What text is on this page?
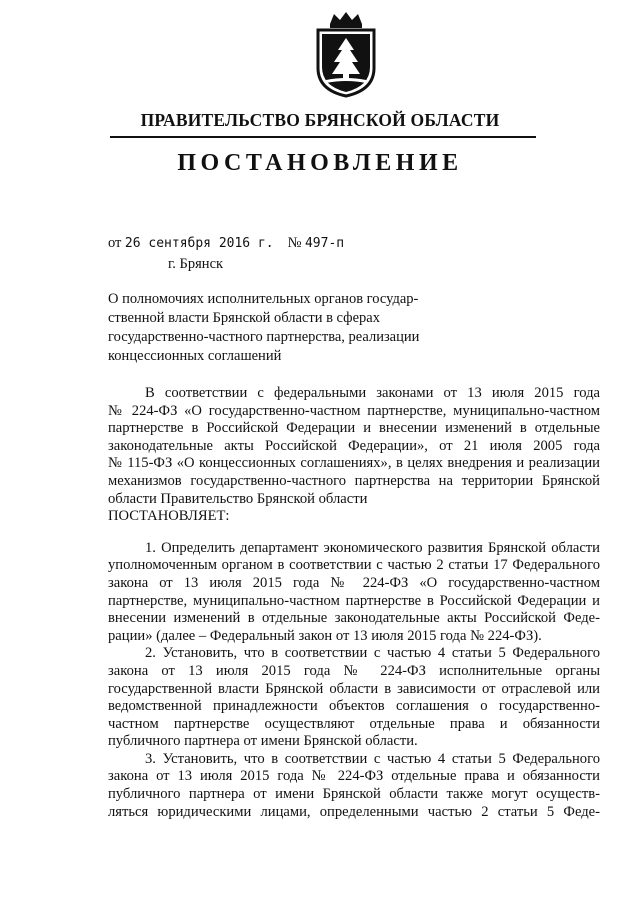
ПРАВИТЕЛЬСТВО БРЯНСКОЙ ОБЛАСТИ
ПОСТАНОВЛЕНИЕ
от 26 сентября 2016 г. № 497-п
г. Брянск
О полномочиях исполнительных органов государ-
ственной власти Брянской области в сферах
государственно-частного партнерства, реализации
концессионных соглашений
В соответствии с федеральными законами от 13 июля 2015 года
№ 224-ФЗ «О государственно-частном партнерстве, муниципально-частном
партнерстве в Российской Федерации и внесении изменений в отдельные
законодательные акты Российской Федерации», от 21 июля 2005 года
№ 115-ФЗ «О концессионных соглашениях», в целях внедрения и реализации
механизмов государственно-частного партнерства на территории Брянской
области Правительство Брянской области
ПОСТАНОВЛЯЕТ:
1. Определить департамент экономического развития Брянской области
уполномоченным органом в соответствии с частью 2 статьи 17 Федерального
закона от 13 июля 2015 года № 224-ФЗ «О государственно-частном
партнерстве, муниципально-частном партнерстве в Российской Федерации и
внесении изменений в отдельные законодательные акты Российской Феде-
рации» (далее – Федеральный закон от 13 июля 2015 года № 224-ФЗ).
2. Установить, что в соответствии с частью 4 статьи 5 Федерального
закона от 13 июля 2015 года № 224-ФЗ исполнительные органы
государственной власти Брянской области в зависимости от отраслевой или
ведомственной принадлежности объектов соглашения о государственно-
частном партнерстве осуществляют отдельные права и обязанности
публичного партнера от имени Брянской области.
3. Установить, что в соответствии с частью 4 статьи 5 Федерального
закона от 13 июля 2015 года № 224-ФЗ отдельные права и обязанности
публичного партнера от имени Брянской области также могут осуществ-
ляться юридическими лицами, определенными частью 2 статьи 5 Феде-
